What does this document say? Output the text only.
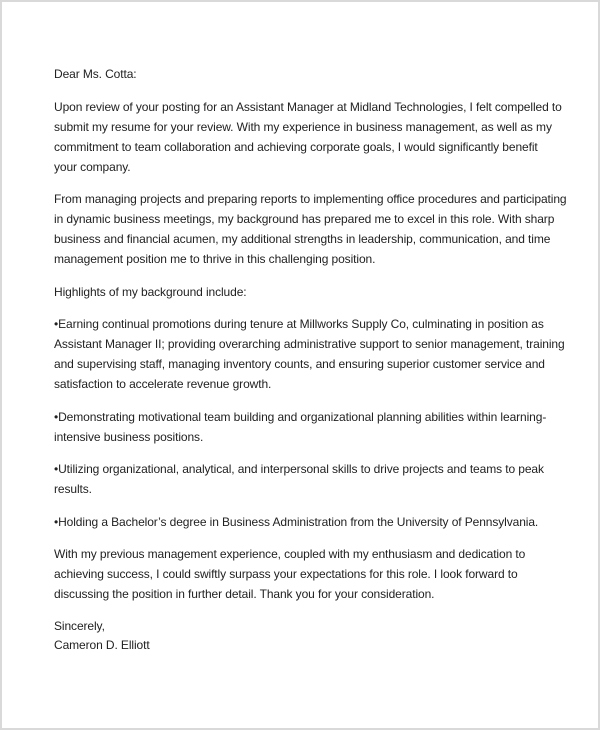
Dear Ms. Cotta:

Upon review of your posting for an Assistant Manager at Midland Technologies, I felt compelled to
submit my resume for your review. With my experience in business management, as well as my
commitment to team collaboration and achieving corporate goals, I would significantly benefit
your company.

From managing projects and preparing reports to implementing office procedures and participating
in dynamic business meetings, my background has prepared me to excel in this role. With sharp
business and financial acumen, my additional strengths in leadership, communication, and time
management position me to thrive in this challenging position.

Highlights of my background include:

•Earning continual promotions during tenure at Millworks Supply Co, culminating in position as
Assistant Manager II; providing overarching administrative support to senior management, training
and supervising staff, managing inventory counts, and ensuring superior customer service and
satisfaction to accelerate revenue growth.

•Demonstrating motivational team building and organizational planning abilities within learning-
intensive business positions.

•Utilizing organizational, analytical, and interpersonal skills to drive projects and teams to peak
results.

•Holding a Bachelor’s degree in Business Administration from the University of Pennsylvania.

With my previous management experience, coupled with my enthusiasm and dedication to
achieving success, I could swiftly surpass your expectations for this role. I look forward to
discussing the position in further detail. Thank you for your consideration.

Sincerely,
Cameron D. Elliott
